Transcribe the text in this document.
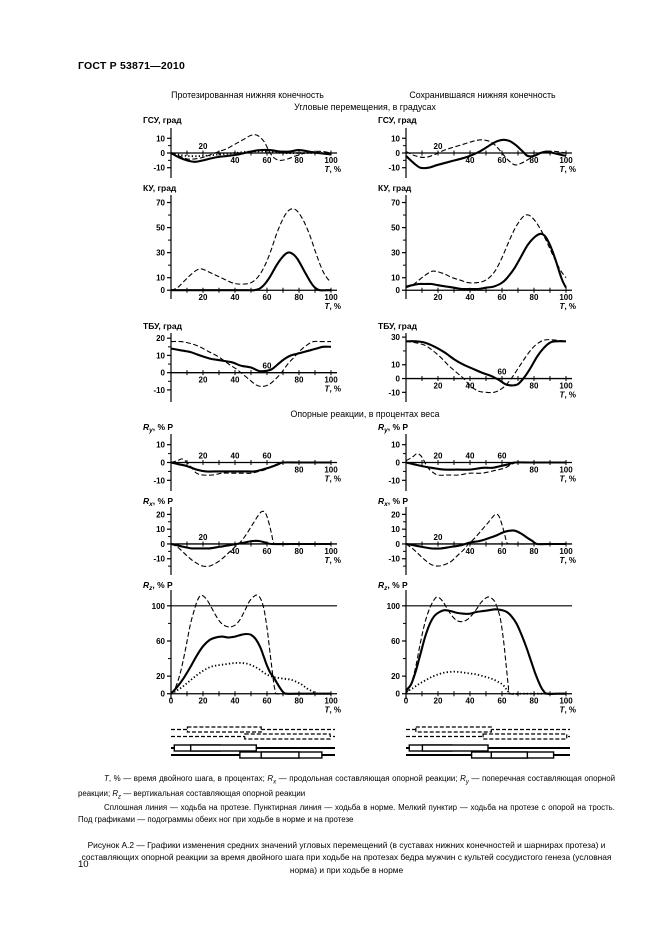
ГОСТ Р 53871—2010
Протезированная нижняя конечность	Сохранившаяся нижняя конечность
Угловые перемещения, в градусах
10
0
-10
20
40	60	80	100
T, %
ГСУ, град
10
0
-10
20
40	60	80	100
T, %
ГСУ, град
70
50
30
10
0
20	40	60	80	100
T, %
КУ, град
70
50
30
10
0
20	40	60	80	100
T, %
КУ, град
20
10
0
-10
20	40
60
80	100
T, %
ТБУ, град
30
10
0
-10
20	40
60
80	100
T, %
ТБУ, град
Опорные реакции, в процентах веса
10
0
-10
20	40	60
80	100
T, %
$R_y$, % P
10
0
-10
20	40	60
80	100
T, %
$R_y$, % P
20
10
0
-10
20
40	60	80	100
T, %
$R_x$, % P
20
10
0
-10
20
40	60	80	100
T, %
$R_x$, % P
100
60
20
0
20	40	60	80	100
0
T, %
$R_z$, % P
100
60
20
0
20	40	60	80	100
0
T, %
$R_z$, % P

T, % — время двойного шага, в процентах; $R_x$ — продольная составляющая опорной реакции; $R_y$ — поперечная составляющая опорной реакции; $R_z$ — вертикальная составляющая опорной реакции

Сплошная линия — ходьба на протезе. Пунктирная линия — ходьба в норме. Мелкий пунктир — ходьба на протезе с опорой на трость. Под графиками — подограммы обеих ног при ходьбе в норме и на протезе

Рисунок А.2 — Графики изменения средних значений угловых перемещений (в суставах нижних конечностей и шарнирах протеза) и составляющих опорной реакции за время двойного шага при ходьбе на протезах бедра мужчин с культей сосудистого генеза (условная норма) и при ходьбе в норме
10
